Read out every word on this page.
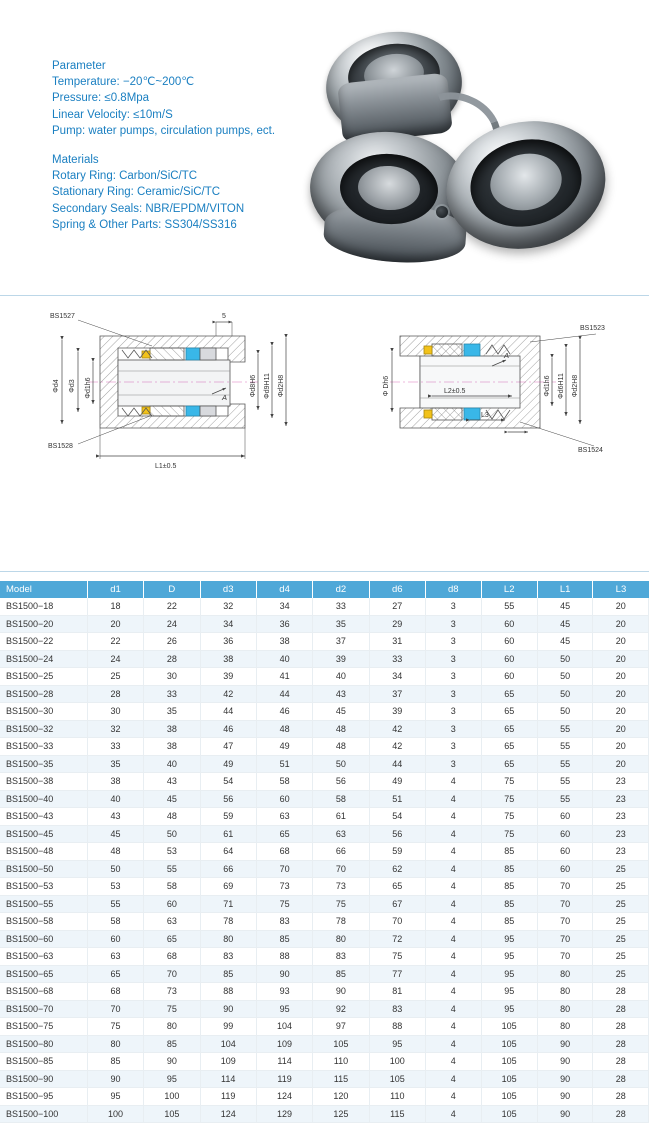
Parameter
Temperature: −20℃~200℃
Pressure: ≤0.8Mpa
Linear Velocity: ≤10m/S
Pump: water pumps, circulation pumps, ect.
Materials
Rotary Ring: Carbon/SiC/TC
Stationary Ring: Ceramic/SiC/TC
Secondary Seals: NBR/EPDM/VITON
Spring & Other Parts: SS304/SS316
BS1527
BS1528
5
Φd4 Φd3 Φd1h6	Φd8H6 Φd9H11 Φd2H8
L1±0.5
A
BS1523
BS1524
Φ Dh6	Φd1h6 Φd6H11 Φd2H8
L2±0.5
L3
A
Model	d1	D	d3	d4	d2	d6	d8	L2	L1	L3
BS1500−18	18	22	32	34	33	27	3	55	45	20
BS1500−20	20	24	34	36	35	29	3	60	45	20
BS1500−22	22	26	36	38	37	31	3	60	45	20
BS1500−24	24	28	38	40	39	33	3	60	50	20
BS1500−25	25	30	39	41	40	34	3	60	50	20
BS1500−28	28	33	42	44	43	37	3	65	50	20
BS1500−30	30	35	44	46	45	39	3	65	50	20
BS1500−32	32	38	46	48	48	42	3	65	55	20
BS1500−33	33	38	47	49	48	42	3	65	55	20
BS1500−35	35	40	49	51	50	44	3	65	55	20
BS1500−38	38	43	54	58	56	49	4	75	55	23
BS1500−40	40	45	56	60	58	51	4	75	55	23
BS1500−43	43	48	59	63	61	54	4	75	60	23
BS1500−45	45	50	61	65	63	56	4	75	60	23
BS1500−48	48	53	64	68	66	59	4	85	60	23
BS1500−50	50	55	66	70	70	62	4	85	60	25
BS1500−53	53	58	69	73	73	65	4	85	70	25
BS1500−55	55	60	71	75	75	67	4	85	70	25
BS1500−58	58	63	78	83	78	70	4	85	70	25
BS1500−60	60	65	80	85	80	72	4	95	70	25
BS1500−63	63	68	83	88	83	75	4	95	70	25
BS1500−65	65	70	85	90	85	77	4	95	80	25
BS1500−68	68	73	88	93	90	81	4	95	80	28
BS1500−70	70	75	90	95	92	83	4	95	80	28
BS1500−75	75	80	99	104	97	88	4	105	80	28
BS1500−80	80	85	104	109	105	95	4	105	90	28
BS1500−85	85	90	109	114	110	100	4	105	90	28
BS1500−90	90	95	114	119	115	105	4	105	90	28
BS1500−95	95	100	119	124	120	110	4	105	90	28
BS1500−100	100	105	124	129	125	115	4	105	90	28
